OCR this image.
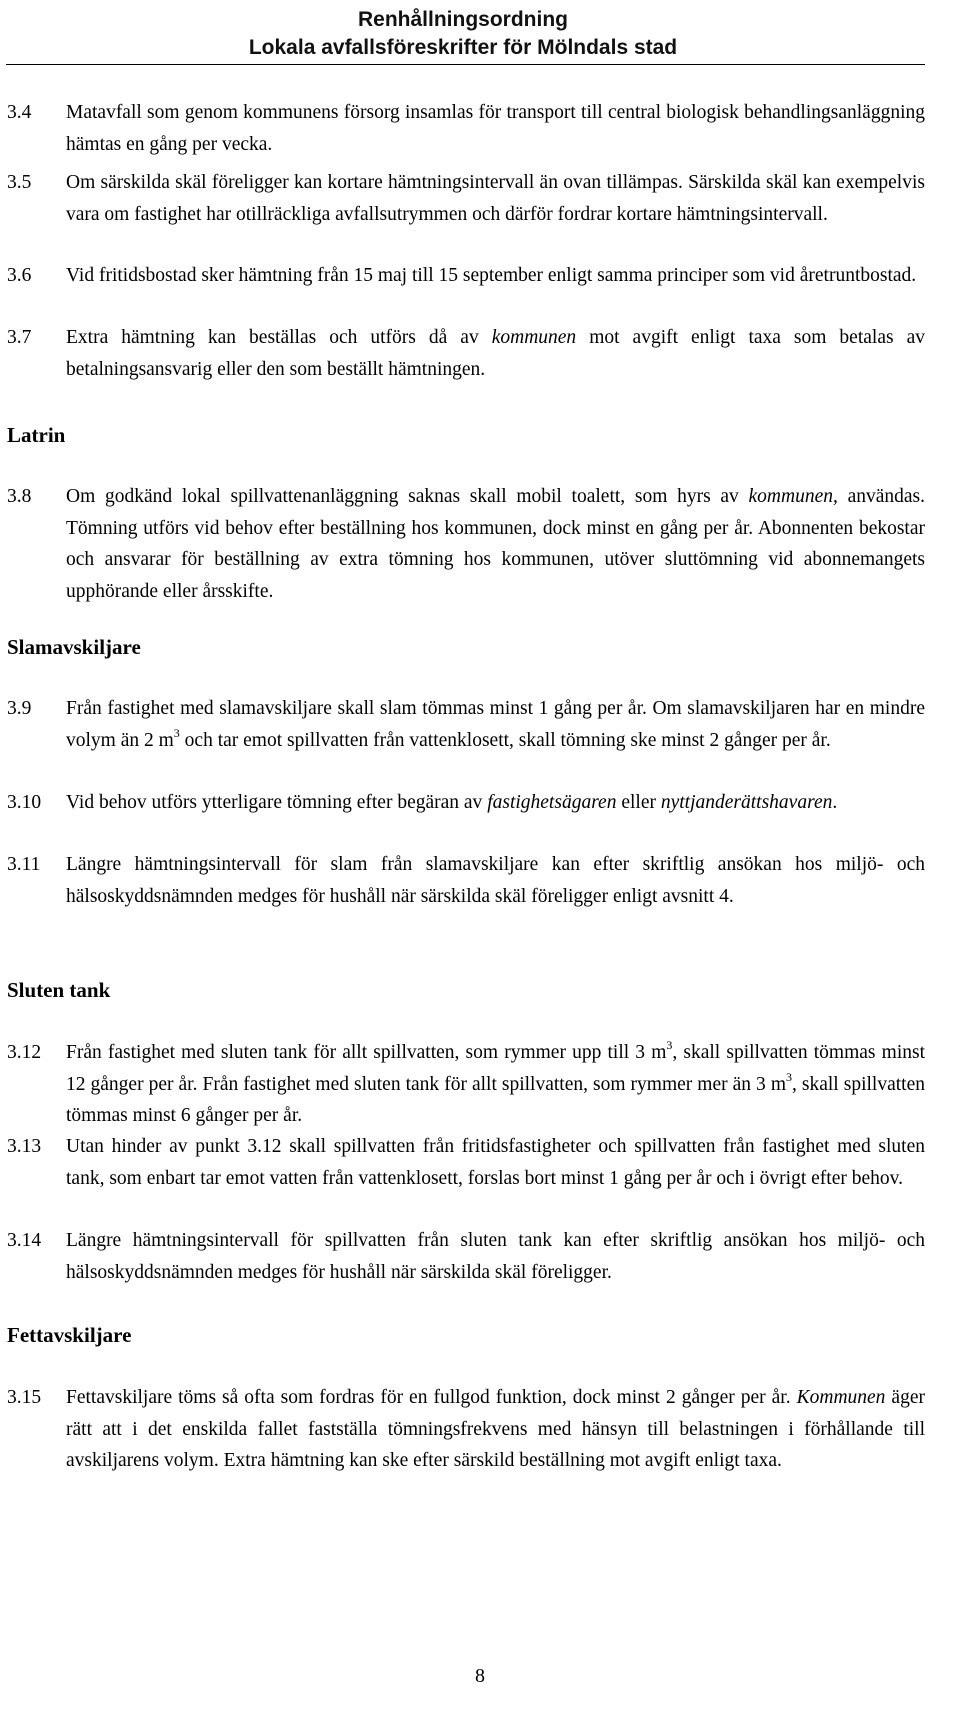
Renhållningsordning
Lokala avfallsföreskrifter för Mölndals stad
3.4 Matavfall som genom kommunens försorg insamlas för transport till central biologisk behandlingsanläggning hämtas en gång per vecka.
3.5 Om särskilda skäl föreligger kan kortare hämtningsintervall än ovan tillämpas. Särskilda skäl kan exempelvis vara om fastighet har otillräckliga avfallsutrymmen och därför fordrar kortare hämtningsintervall.
3.6 Vid fritidsbostad sker hämtning från 15 maj till 15 september enligt samma principer som vid åretruntbostad.
3.7 Extra hämtning kan beställas och utförs då av kommunen mot avgift enligt taxa som betalas av betalningsansvarig eller den som beställt hämtningen.
Latrin
3.8 Om godkänd lokal spillvattenanläggning saknas skall mobil toalett, som hyrs av kommunen, användas. Tömning utförs vid behov efter beställning hos kommunen, dock minst en gång per år. Abonnenten bekostar och ansvarar för beställning av extra tömning hos kommunen, utöver sluttömning vid abonnemangets upphörande eller årsskifte.
Slamavskiljare
3.9 Från fastighet med slamavskiljare skall slam tömmas minst 1 gång per år. Om slamavskiljaren har en mindre volym än 2 $m^3$ och tar emot spillvatten från vattenklosett, skall tömning ske minst 2 gånger per år.
3.10 Vid behov utförs ytterligare tömning efter begäran av fastighetsägaren eller nyttjanderättshavaren.
3.11 Längre hämtningsintervall för slam från slamavskiljare kan efter skriftlig ansökan hos miljö- och hälsoskyddsnämnden medges för hushåll när särskilda skäl föreligger enligt avsnitt 4.
Sluten tank
3.12 Från fastighet med sluten tank för allt spillvatten, som rymmer upp till 3 $m^3$, skall spillvatten tömmas minst 12 gånger per år. Från fastighet med sluten tank för allt spillvatten, som rymmer mer än 3 $m^3$, skall spillvatten tömmas minst 6 gånger per år.
3.13 Utan hinder av punkt 3.12 skall spillvatten från fritidsfastigheter och spillvatten från fastighet med sluten tank, som enbart tar emot vatten från vattenklosett, forslas bort minst 1 gång per år och i övrigt efter behov.
3.14 Längre hämtningsintervall för spillvatten från sluten tank kan efter skriftlig ansökan hos miljö- och hälsoskyddsnämnden medges för hushåll när särskilda skäl föreligger.
Fettavskiljare
3.15 Fettavskiljare töms så ofta som fordras för en fullgod funktion, dock minst 2 gånger per år. Kommunen äger rätt att i det enskilda fallet fastställa tömningsfrekvens med hänsyn till belastningen i förhållande till avskiljarens volym. Extra hämtning kan ske efter särskild beställning mot avgift enligt taxa.
8
